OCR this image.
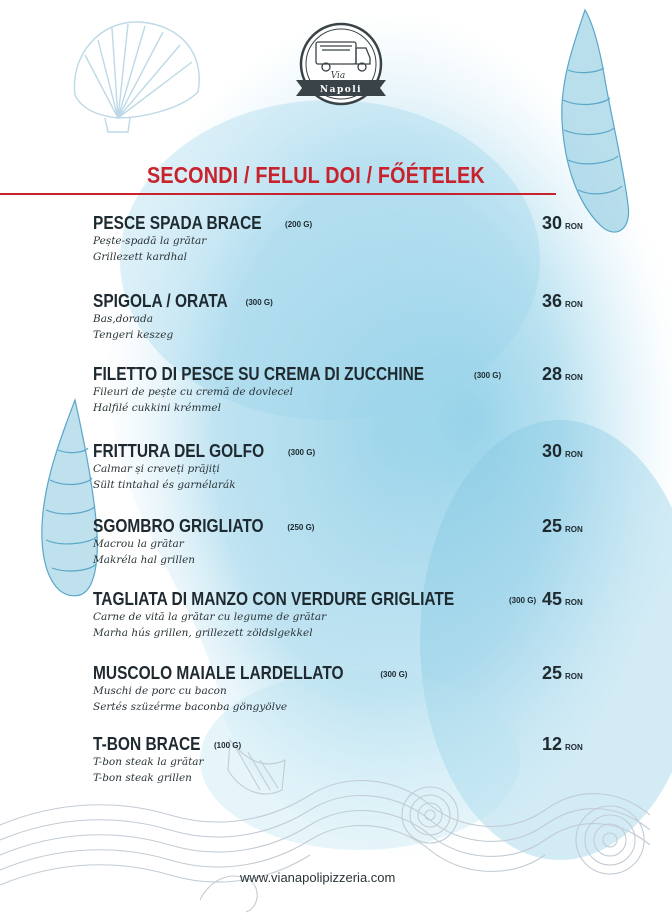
Via
Napoli
SECONDI / FELUL DOI / FŐÉTELEK
PESCE SPADA BRACE	(200 G)
Pește-spadă la grătar
Grillezett kardhal
30 RON
SPIGOLA / ORATA (300 G)
Bas,dorada
Tengeri keszeg
36 RON
FILETTO DI PESCE SU CREMA DI ZUCCHINE	(300 G)
Fileuri de pește cu cremă de dovlecel
Halfilé cukkini krémmel
28 RON
FRITTURA DEL GOLFO	(300 G)
Calmar și creveți prăjiți
Sült tintahal és garnélarák
30 RON
SGOMBRO GRIGLIATO	(250 G)
Macrou la grătar
Makréla hal grillen
25 RON
TAGLIATA DI MANZO CON VERDURE GRIGLIATE	(300 G)
Carne de vită la grătar cu legume de grătar
Marha hús grillen, grillezett zöldslgekkel
45 RON
MUSCOLO MAIALE LARDELLATO	(300 G)
Muschi de porc cu bacon
Sertés szüzérme baconba göngyölve
25 RON
T-BON BRACE (100 G)
T-bon steak la grătar
T-bon steak grillen
12 RON
www.vianapolipizzeria.com
